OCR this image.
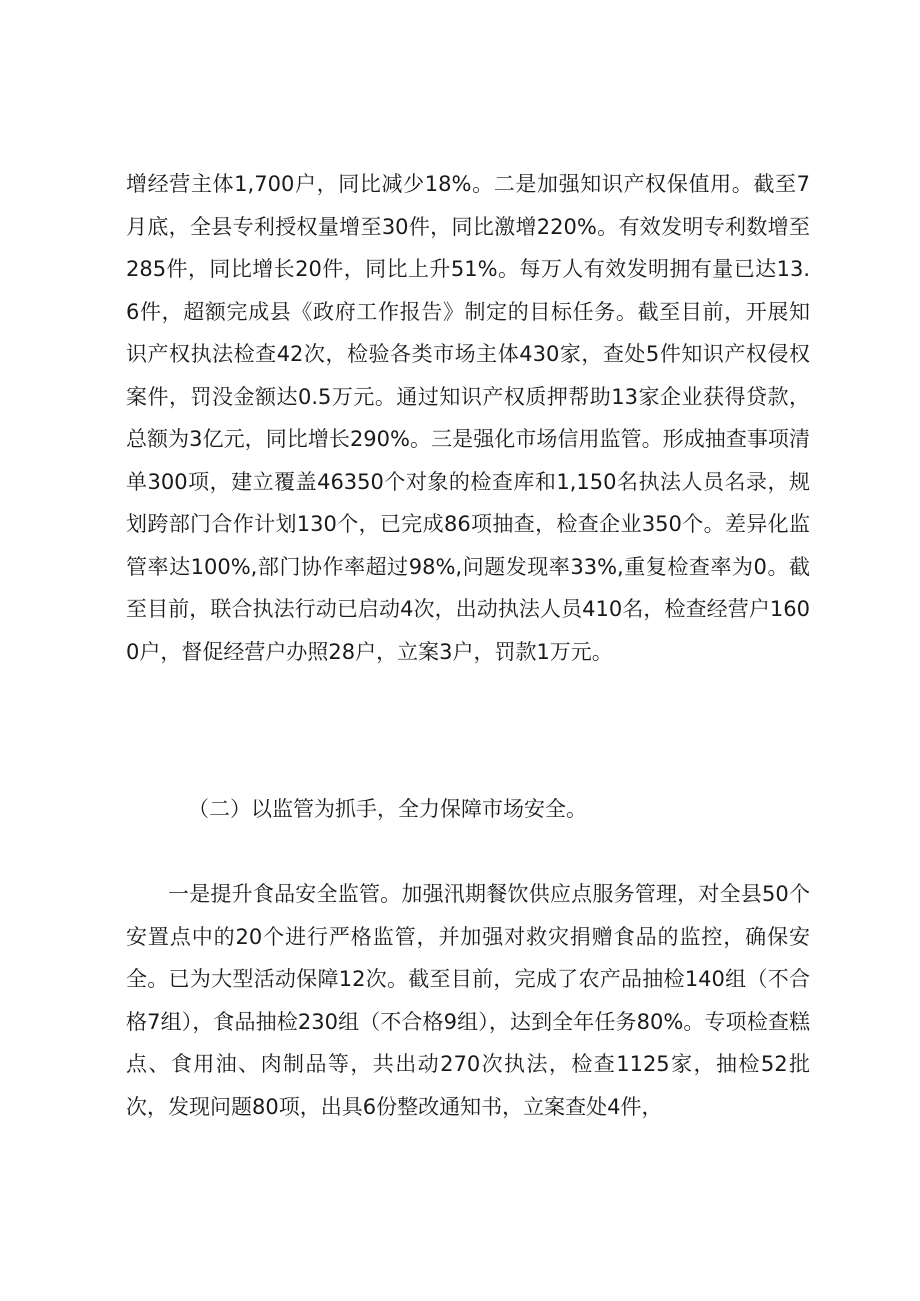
增经营主体1,700户，同比减少18%。二是加强知识产权保值用。截至7月底，全县专利授权量增至30件，同比激增220%。有效发明专利数增至285件，同比增长20件，同比上升51%。每万人有效发明拥有量已达13.6件，超额完成县《政府工作报告》制定的目标任务。截至目前，开展知识产权执法检查42次，检验各类市场主体430家，查处5件知识产权侵权案件，罚没金额达0.5万元。通过知识产权质押帮助13家企业获得贷款，总额为3亿元，同比增长290%。三是强化市场信用监管。形成抽查事项清单300项，建立覆盖46350个对象的检查库和1,150名执法人员名录，规划跨部门合作计划130个，已完成86项抽查，检查企业350个。差异化监管率达100%,部门协作率超过98%,问题发现率33%,重复检查率为0。截至目前，联合执法行动已启动4次，出动执法人员410名，检查经营户1600户，督促经营户办照28户，立案3户，罚款1万元。

（二）以监管为抓手，全力保障市场安全。

一是提升食品安全监管。加强汛期餐饮供应点服务管理，对全县50个安置点中的20个进行严格监管，并加强对救灾捐赠食品的监控，确保安全。已为大型活动保障12次。截至目前，完成了农产品抽检140组（不合格7组），食品抽检230组（不合格9组），达到全年任务80%。专项检查糕点、食用油、肉制品等，共出动270次执法，检查1125家，抽检52批次，发现问题80项，出具6份整改通知书，立案查处4件，
